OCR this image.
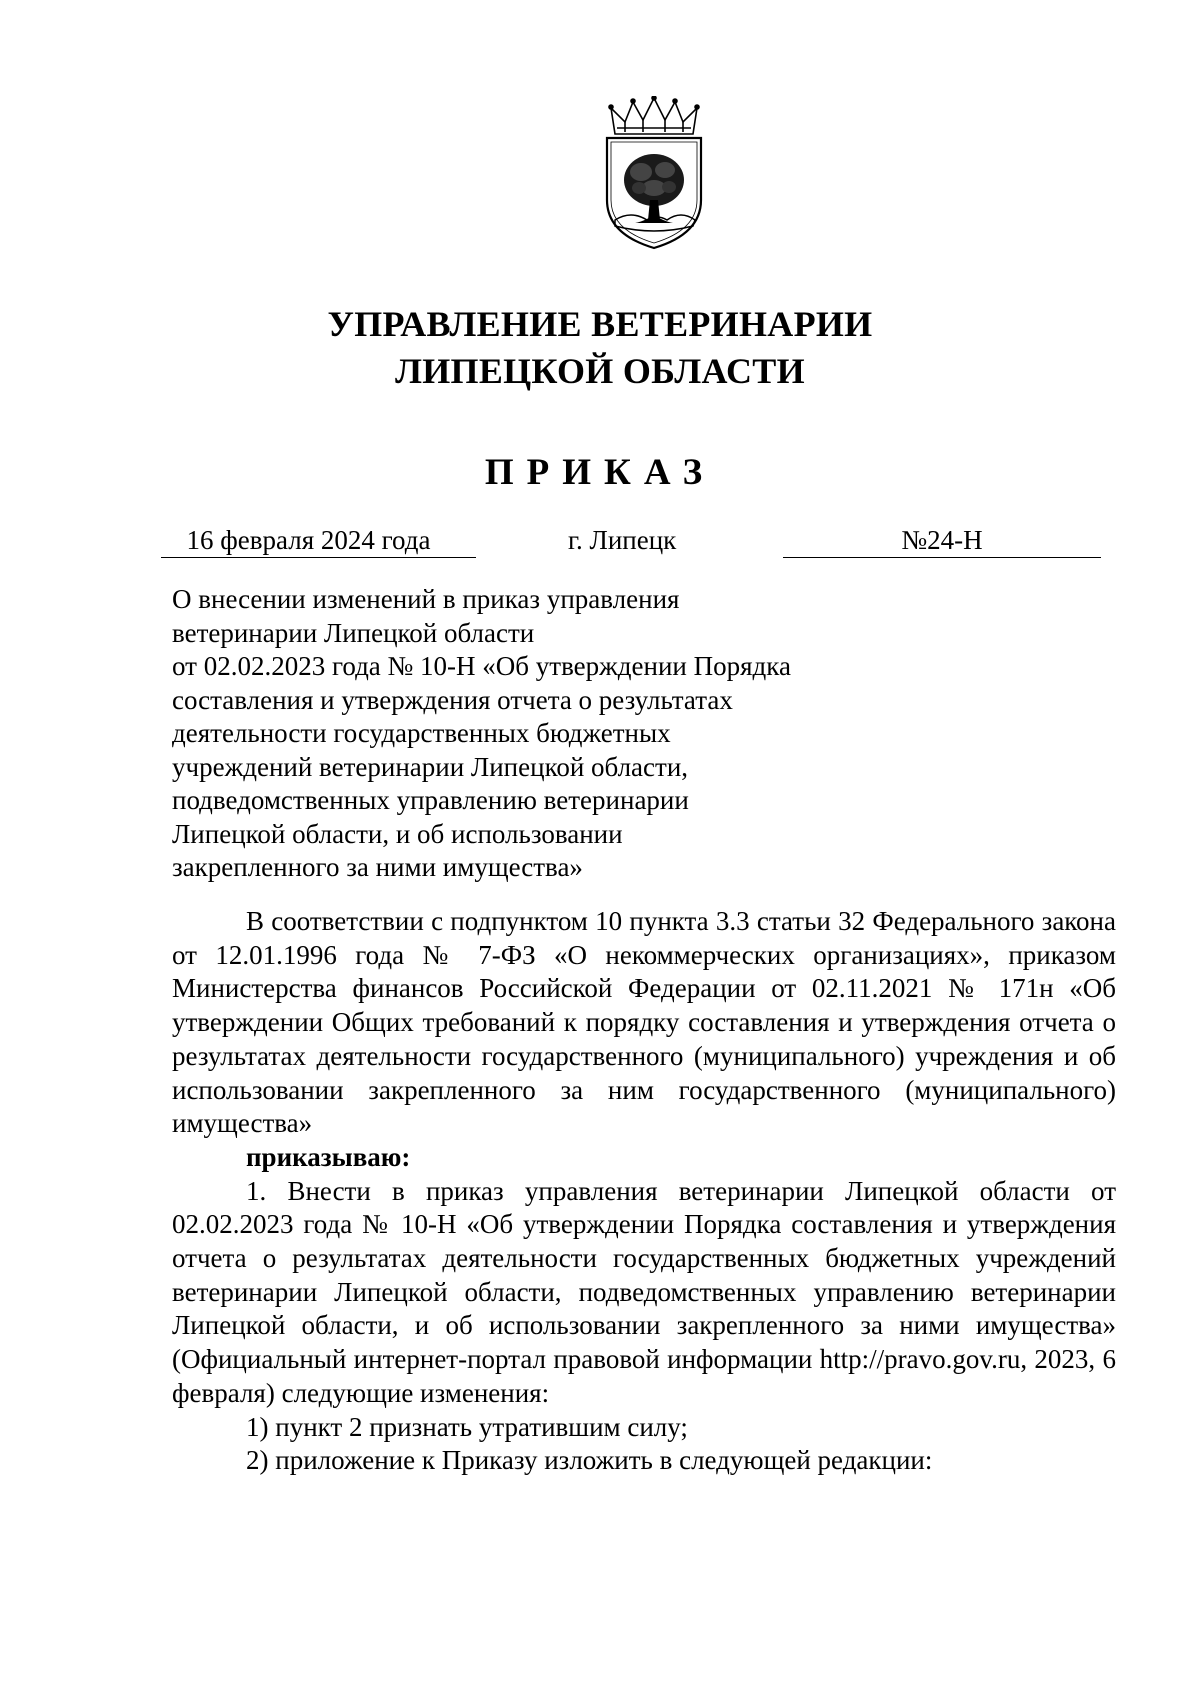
УПРАВЛЕНИЕ ВЕТЕРИНАРИИ
ЛИПЕЦКОЙ ОБЛАСТИ
ПРИКАЗ
16 февраля 2024 года	г. Липецк	№24-Н
О внесении изменений в приказ управления
ветеринарии Липецкой области
от 02.02.2023 года № 10-Н «Об утверждении Порядка
составления и утверждения отчета о результатах
деятельности государственных бюджетных
учреждений ветеринарии Липецкой области,
подведомственных управлению ветеринарии
Липецкой области, и об использовании
закрепленного за ними имущества»

В соответствии с подпунктом 10 пункта 3.3 статьи 32 Федерального закона от 12.01.1996 года № 7-ФЗ «О некоммерческих организациях», приказом Министерства финансов Российской Федерации от 02.11.2021 № 171н «Об утверждении Общих требований к порядку составления и утверждения отчета о результатах деятельности государственного (муниципального) учреждения и об использовании закрепленного за ним государственного (муниципального) имущества»

приказываю:

1. Внести в приказ управления ветеринарии Липецкой области от 02.02.2023 года № 10-Н «Об утверждении Порядка составления и утверждения отчета о результатах деятельности государственных бюджетных учреждений ветеринарии Липецкой области, подведомственных управлению ветеринарии Липецкой области, и об использовании закрепленного за ними имущества» (Официальный интернет-портал правовой информации http://pravo.gov.ru, 2023, 6 февраля) следующие изменения:

1) пункт 2 признать утратившим силу;

2) приложение к Приказу изложить в следующей редакции:
